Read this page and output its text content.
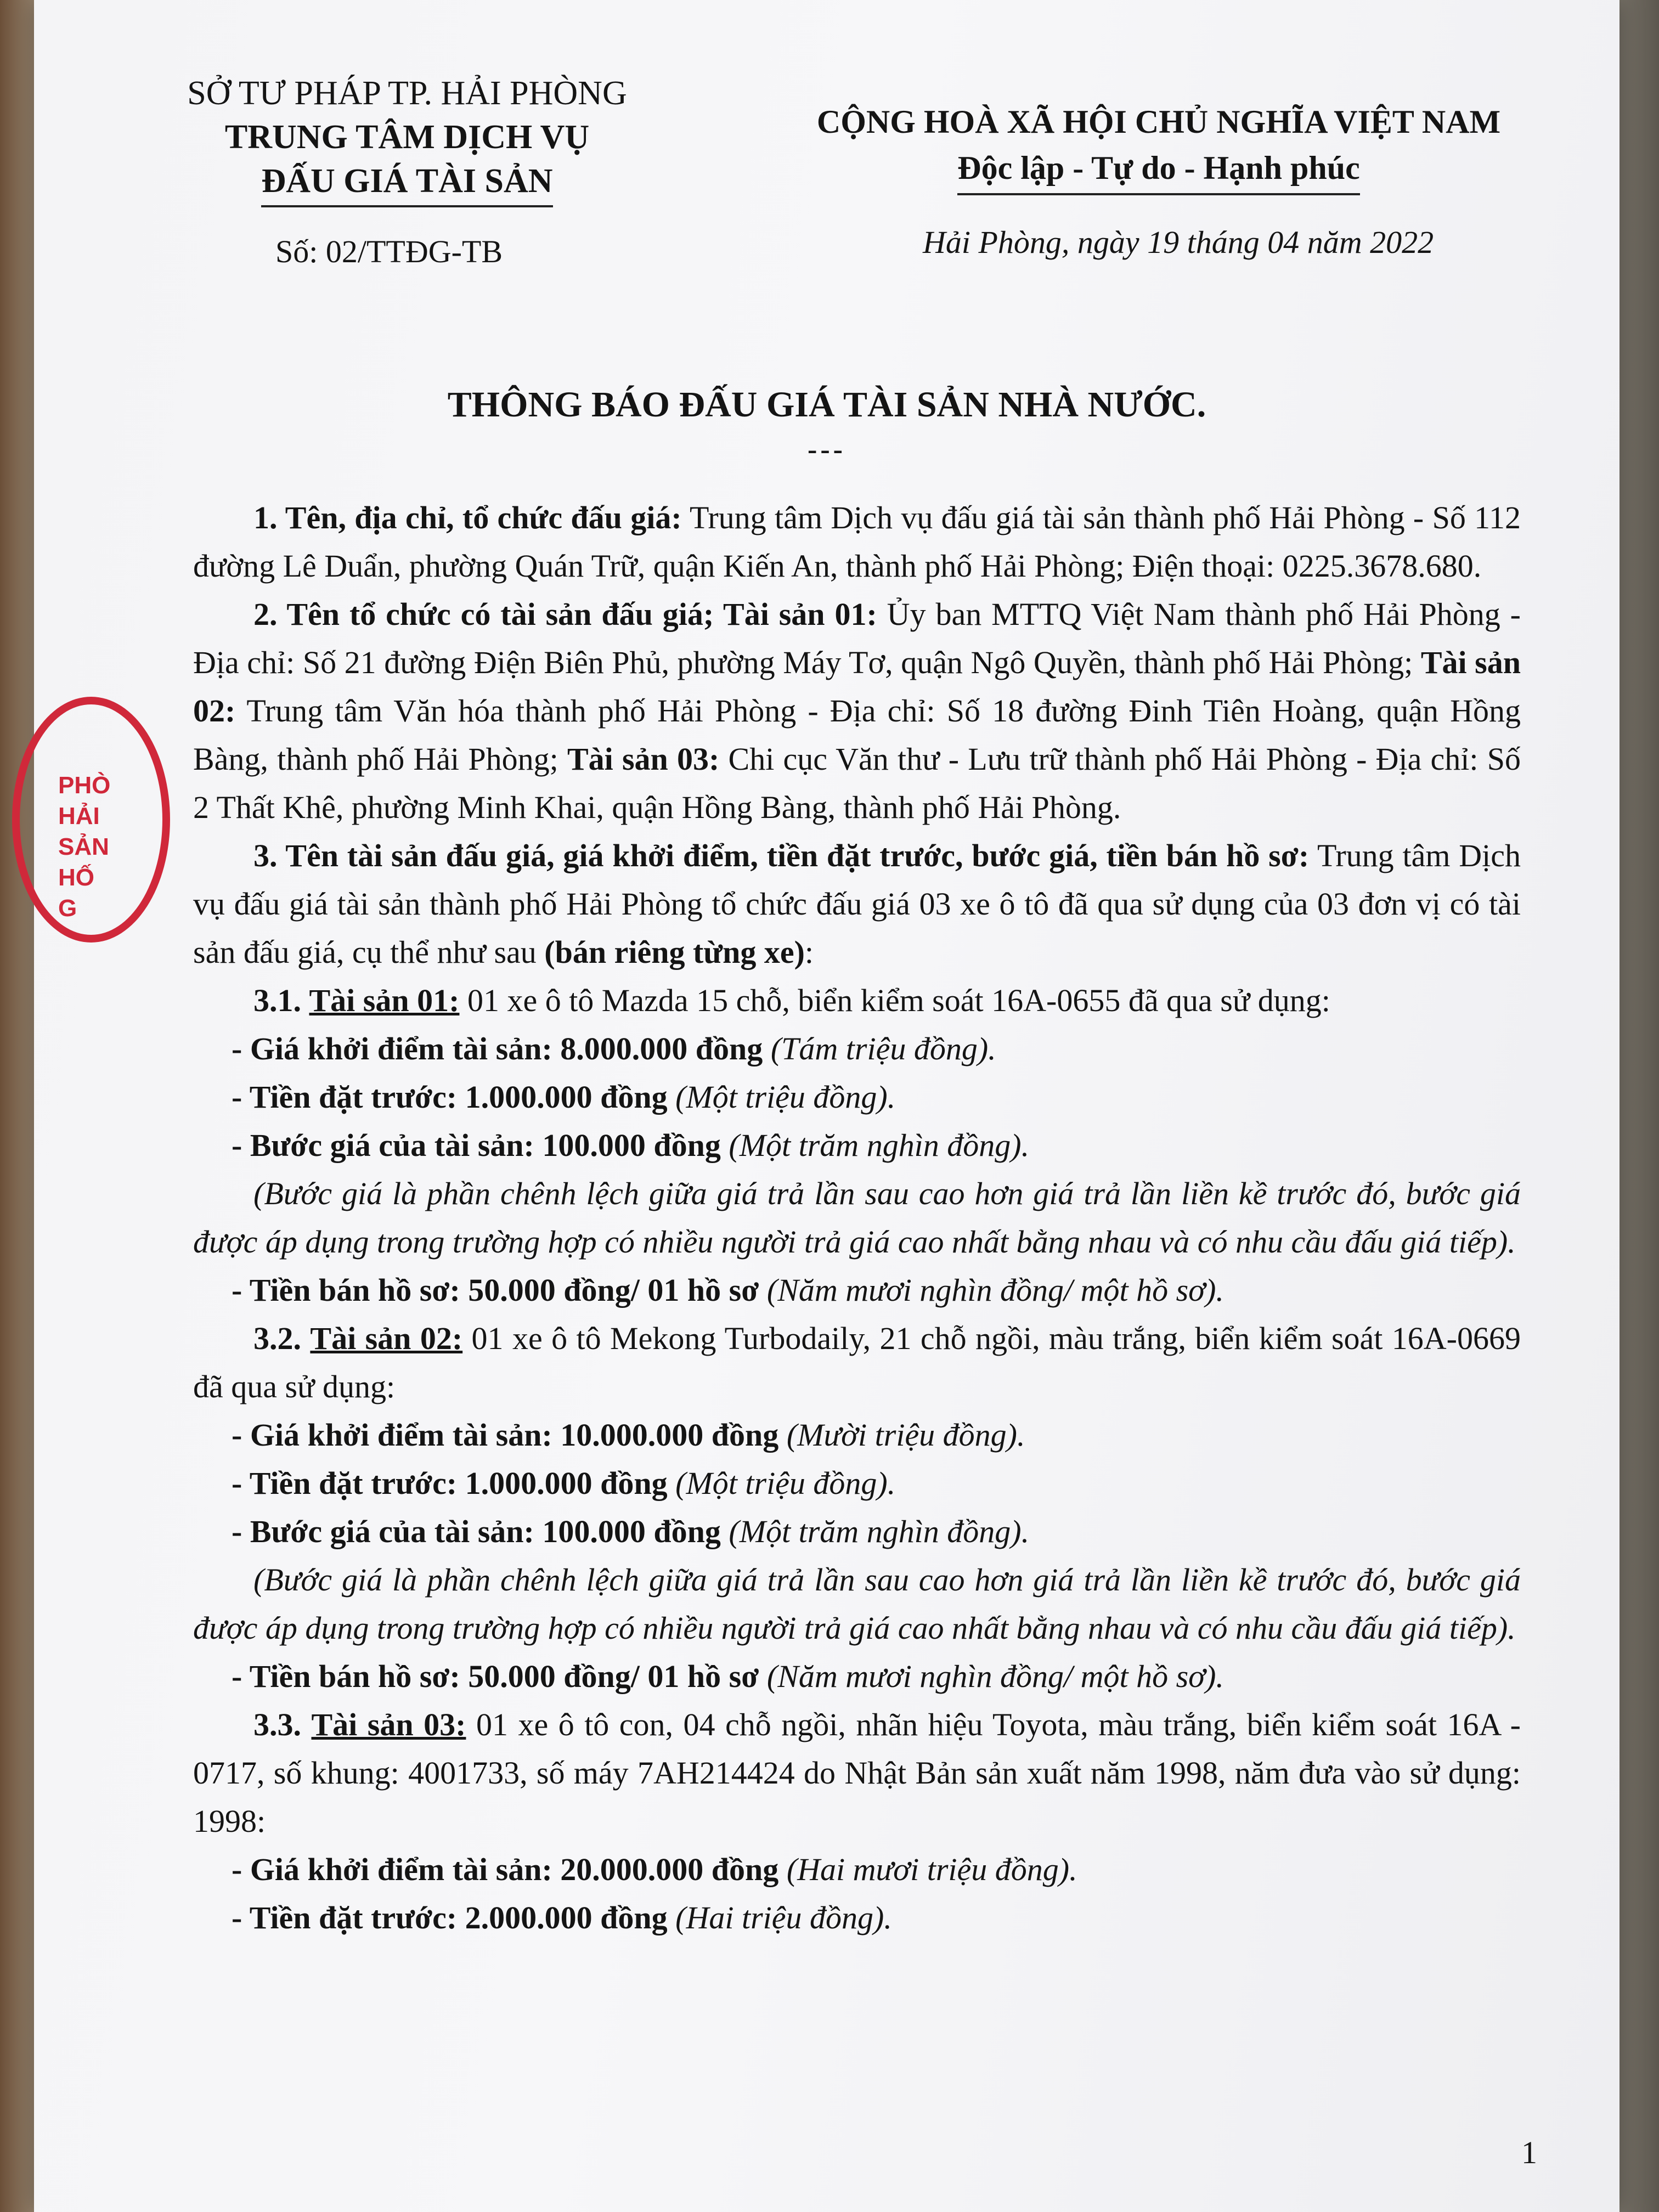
PHÒ
HẢI
SẢN
HỐ
G
SỞ TƯ PHÁP TP. HẢI PHÒNG
TRUNG TÂM DỊCH VỤ
ĐẤU GIÁ TÀI SẢN
CỘNG HOÀ XÃ HỘI CHỦ NGHĨA VIỆT NAM
Độc lập - Tự do - Hạnh phúc
Số: 02/TTĐG-TB	Hải Phòng, ngày 19 tháng 04 năm 2022
THÔNG BÁO ĐẤU GIÁ TÀI SẢN NHÀ NƯỚC.
---

1. Tên, địa chỉ, tổ chức đấu giá: Trung tâm Dịch vụ đấu giá tài sản thành phố Hải Phòng - Số 112 đường Lê Duẩn, phường Quán Trữ, quận Kiến An, thành phố Hải Phòng; Điện thoại: 0225.3678.680.

2. Tên tổ chức có tài sản đấu giá; Tài sản 01: Ủy ban MTTQ Việt Nam thành phố Hải Phòng - Địa chỉ: Số 21 đường Điện Biên Phủ, phường Máy Tơ, quận Ngô Quyền, thành phố Hải Phòng; Tài sản 02: Trung tâm Văn hóa thành phố Hải Phòng - Địa chỉ: Số 18 đường Đinh Tiên Hoàng, quận Hồng Bàng, thành phố Hải Phòng; Tài sản 03: Chi cục Văn thư - Lưu trữ thành phố Hải Phòng - Địa chỉ: Số 2 Thất Khê, phường Minh Khai, quận Hồng Bàng, thành phố Hải Phòng.

3. Tên tài sản đấu giá, giá khởi điểm, tiền đặt trước, bước giá, tiền bán hồ sơ: Trung tâm Dịch vụ đấu giá tài sản thành phố Hải Phòng tổ chức đấu giá 03 xe ô tô đã qua sử dụng của 03 đơn vị có tài sản đấu giá, cụ thể như sau (bán riêng từng xe):

3.1. Tài sản 01: 01 xe ô tô Mazda 15 chỗ, biển kiểm soát 16A-0655 đã qua sử dụng:

- Giá khởi điểm tài sản: 8.000.000 đồng (Tám triệu đồng).

- Tiền đặt trước: 1.000.000 đồng (Một triệu đồng).

- Bước giá của tài sản: 100.000 đồng (Một trăm nghìn đồng).

(Bước giá là phần chênh lệch giữa giá trả lần sau cao hơn giá trả lần liền kề trước đó, bước giá được áp dụng trong trường hợp có nhiều người trả giá cao nhất bằng nhau và có nhu cầu đấu giá tiếp).

- Tiền bán hồ sơ: 50.000 đồng/ 01 hồ sơ (Năm mươi nghìn đồng/ một hồ sơ).

3.2. Tài sản 02: 01 xe ô tô Mekong Turbodaily, 21 chỗ ngồi, màu trắng, biển kiểm soát 16A-0669 đã qua sử dụng:

- Giá khởi điểm tài sản: 10.000.000 đồng (Mười triệu đồng).

- Tiền đặt trước: 1.000.000 đồng (Một triệu đồng).

- Bước giá của tài sản: 100.000 đồng (Một trăm nghìn đồng).

(Bước giá là phần chênh lệch giữa giá trả lần sau cao hơn giá trả lần liền kề trước đó, bước giá được áp dụng trong trường hợp có nhiều người trả giá cao nhất bằng nhau và có nhu cầu đấu giá tiếp).

- Tiền bán hồ sơ: 50.000 đồng/ 01 hồ sơ (Năm mươi nghìn đồng/ một hồ sơ).

3.3. Tài sản 03: 01 xe ô tô con, 04 chỗ ngồi, nhãn hiệu Toyota, màu trắng, biển kiểm soát 16A - 0717, số khung: 4001733, số máy 7AH214424 do Nhật Bản sản xuất năm 1998, năm đưa vào sử dụng: 1998:

- Giá khởi điểm tài sản: 20.000.000 đồng (Hai mươi triệu đồng).

- Tiền đặt trước: 2.000.000 đồng (Hai triệu đồng).

1
